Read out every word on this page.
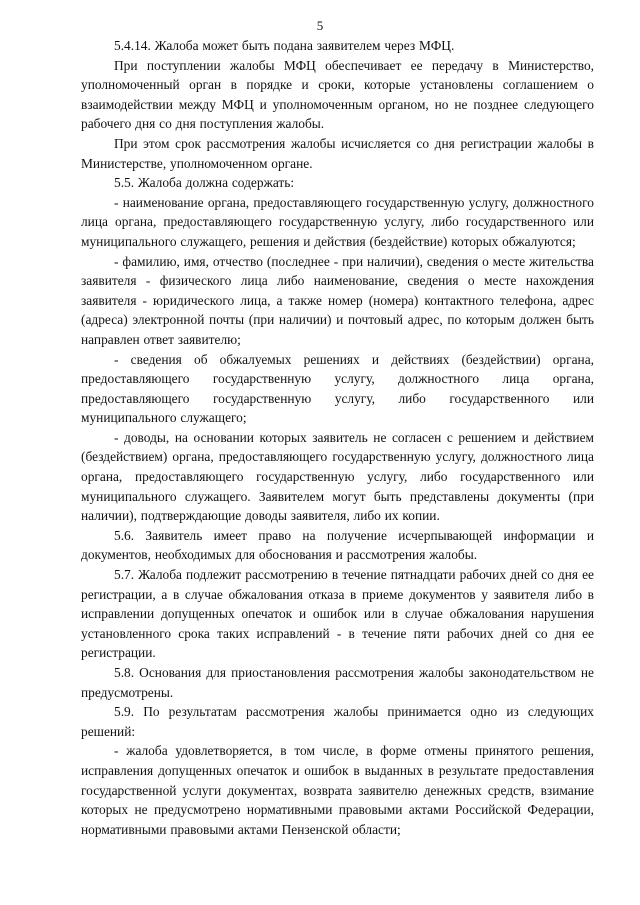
5

5.4.14. Жалоба может быть подана заявителем через МФЦ.

При поступлении жалобы МФЦ обеспечивает ее передачу в Министерство, уполномоченный орган в порядке и сроки, которые установлены соглашением о взаимодействии между МФЦ и уполномоченным органом, но не позднее следующего рабочего дня со дня поступления жалобы.

При этом срок рассмотрения жалобы исчисляется со дня регистрации жалобы в Министерстве, уполномоченном органе.

5.5. Жалоба должна содержать:

- наименование органа, предоставляющего государственную услугу, должностного лица органа, предоставляющего государственную услугу, либо государственного или муниципального служащего, решения и действия (бездействие) которых обжалуются;

- фамилию, имя, отчество (последнее - при наличии), сведения о месте жительства заявителя - физического лица либо наименование, сведения о месте нахождения заявителя - юридического лица, а также номер (номера) контактного телефона, адрес (адреса) электронной почты (при наличии) и почтовый адрес, по которым должен быть направлен ответ заявителю;

- сведения об обжалуемых решениях и действиях (бездействии) органа, предоставляющего государственную услугу, должностного лица органа, предоставляющего государственную услугу, либо государственного или муниципального служащего;

- доводы, на основании которых заявитель не согласен с решением и действием (бездействием) органа, предоставляющего государственную услугу, должностного лица органа, предоставляющего государственную услугу, либо государственного или муниципального служащего. Заявителем могут быть представлены документы (при наличии), подтверждающие доводы заявителя, либо их копии.

5.6. Заявитель имеет право на получение исчерпывающей информации и документов, необходимых для обоснования и рассмотрения жалобы.

5.7. Жалоба подлежит рассмотрению в течение пятнадцати рабочих дней со дня ее регистрации, а в случае обжалования отказа в приеме документов у заявителя либо в исправлении допущенных опечаток и ошибок или в случае обжалования нарушения установленного срока таких исправлений - в течение пяти рабочих дней со дня ее регистрации.

5.8. Основания для приостановления рассмотрения жалобы законодательством не предусмотрены.

5.9. По результатам рассмотрения жалобы принимается одно из следующих решений:

- жалоба удовлетворяется, в том числе, в форме отмены принятого решения, исправления допущенных опечаток и ошибок в выданных в результате предоставления государственной услуги документах, возврата заявителю денежных средств, взимание которых не предусмотрено нормативными правовыми актами Российской Федерации, нормативными правовыми актами Пензенской области;
